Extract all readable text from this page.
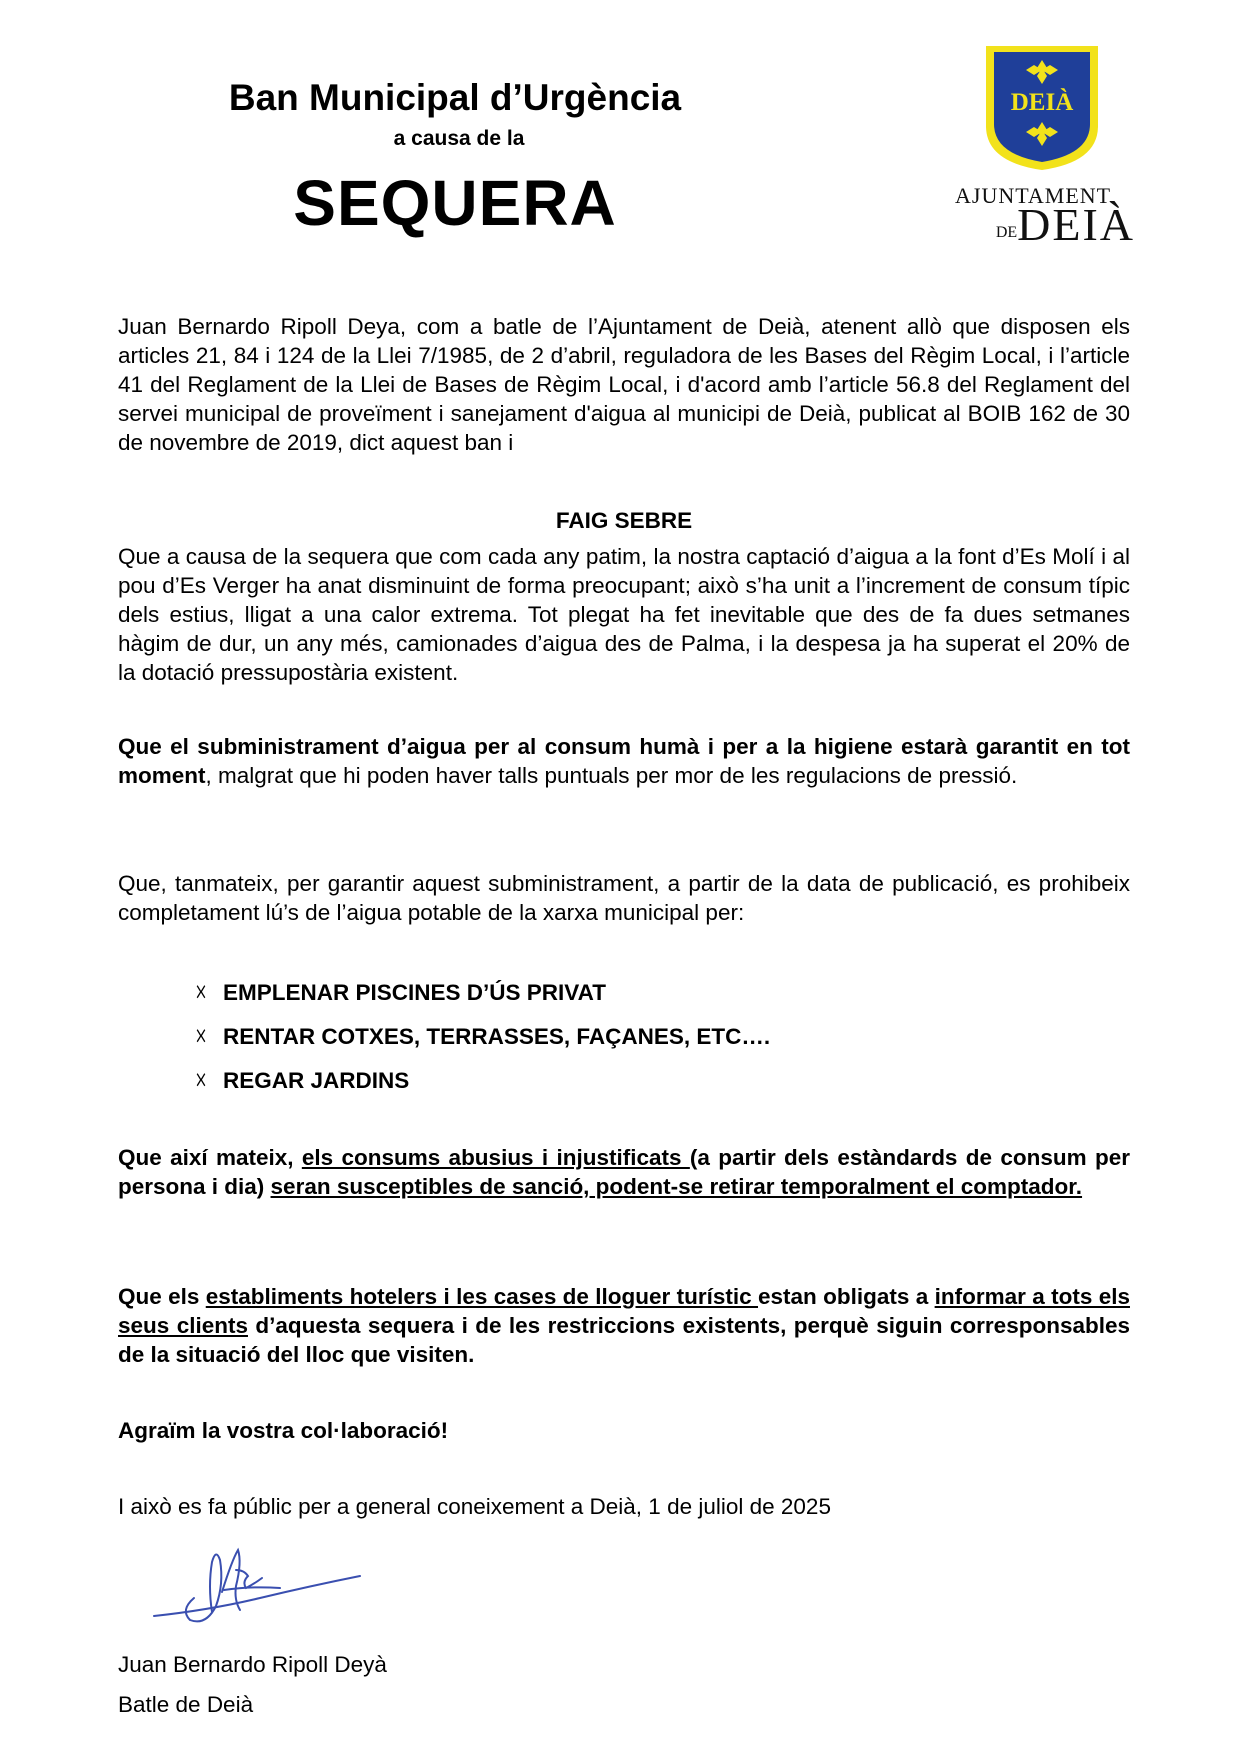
Ban Municipal d’Urgència
a causa de la
SEQUERA
DEIÀ
AJUNTAMENT
$^{DE}$DEIÀ
Juan Bernardo Ripoll Deya, com a batle de l’Ajuntament de Deià, atenent allò que disposen els articles 21, 84 i 124 de la Llei 7/1985, de 2 d’abril, reguladora de les Bases del Règim Local, i l’article 41 del Reglament de la Llei de Bases de Règim Local, i d'acord amb l’article 56.8 del Reglament del servei municipal de proveïment i sanejament d'aigua al municipi de Deià, publicat al BOIB 162 de 30 de novembre de 2019, dict aquest ban i
FAIG SEBRE
Que a causa de la sequera que com cada any patim, la nostra captació d’aigua a la font d’Es Molí i al pou d’Es Verger ha anat disminuint de forma preocupant; això s’ha unit a l’increment de consum típic dels estius, lligat a una calor extrema. Tot plegat ha fet inevitable que des de fa dues setmanes hàgim de dur, un any més, camionades d’aigua des de Palma, i la despesa ja ha superat el 20% de la dotació pressupostària existent.
Que el subministrament d’aigua per al consum humà i per a la higiene estarà garantit en tot moment, malgrat que hi poden haver talls puntuals per mor de les regulacions de pressió.
Que, tanmateix, per garantir aquest subministrament, a partir de la data de publicació, es prohibeix completament lú’s de l’aigua potable de la xarxa municipal per:
☓ EMPLENAR PISCINES D’ÚS PRIVAT
☓ RENTAR COTXES, TERRASSES, FAÇANES, ETC….
☓ REGAR JARDINS
Que així mateix, els consums abusius i injustificats (a partir dels estàndards de consum per persona i dia) seran susceptibles de sanció, podent-se retirar temporalment el comptador.
Que els establiments hotelers i les cases de lloguer turístic estan obligats a informar a tots els seus clients d’aquesta sequera i de les restriccions existents, perquè siguin corresponsables de la situació del lloc que visiten.
Agraïm la vostra col·laboració!
I això es fa públic per a general coneixement a Deià, 1 de juliol de 2025
Juan Bernardo Ripoll Deyà
Batle de Deià
